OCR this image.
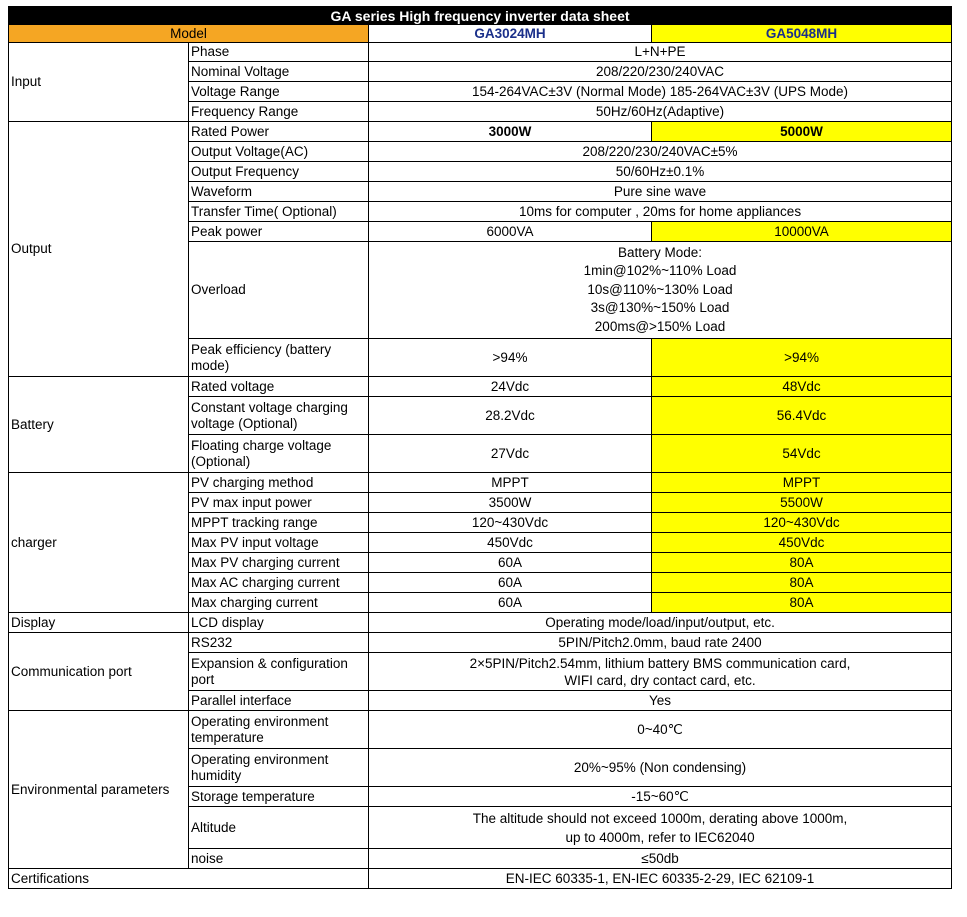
GA series High frequency inverter data sheet			
Model		GA3024MH	GA5048MH
Input	Phase	L+N+PE	
	Nominal Voltage	208/220/230/240VAC	
	Voltage Range	154-264VAC±3V (Normal Mode) 185-264VAC±3V (UPS Mode)	
	Frequency Range	50Hz/60Hz(Adaptive)	
Output	Rated Power	3000W	5000W
	Output Voltage(AC)	208/220/230/240VAC±5%	
	Output Frequency	50/60Hz±0.1%	
	Waveform	Pure sine wave	
	Transfer Time( Optional)	10ms for computer , 20ms for home appliances	
	Peak power	6000VA	10000VA
	Overload	Battery Mode:
1min@102%~110% Load
10s@110%~130% Load
3s@130%~150% Load
200ms@>150% Load	
	Peak efficiency (battery mode)	>94%	>94%
Battery	Rated voltage	24Vdc	48Vdc
	Constant voltage charging voltage (Optional)	28.2Vdc	56.4Vdc
	Floating charge voltage (Optional)	27Vdc	54Vdc
charger	PV charging method	MPPT	MPPT
	PV max input power	3500W	5500W
	MPPT tracking range	120~430Vdc	120~430Vdc
	Max PV input voltage	450Vdc	450Vdc
	Max PV charging current	60A	80A
	Max AC charging current	60A	80A
	Max charging current	60A	80A
Display	LCD display	Operating mode/load/input/output, etc.	
Communication port	RS232	5PIN/Pitch2.0mm, baud rate 2400	
	Expansion & configuration port	2×5PIN/Pitch2.54mm, lithium battery BMS communication card,
WIFI card, dry contact card, etc.	
	Parallel interface	Yes	
Environmental parameters	Operating environment temperature	0~40℃	
	Operating environment humidity	20%~95% (Non condensing)	
	Storage temperature	-15~60℃	
	Altitude	The altitude should not exceed 1000m, derating above 1000m,
up to 4000m, refer to IEC62040	
	noise	≤50db	
Certifications		EN-IEC 60335-1, EN-IEC 60335-2-29, IEC 62109-1	
